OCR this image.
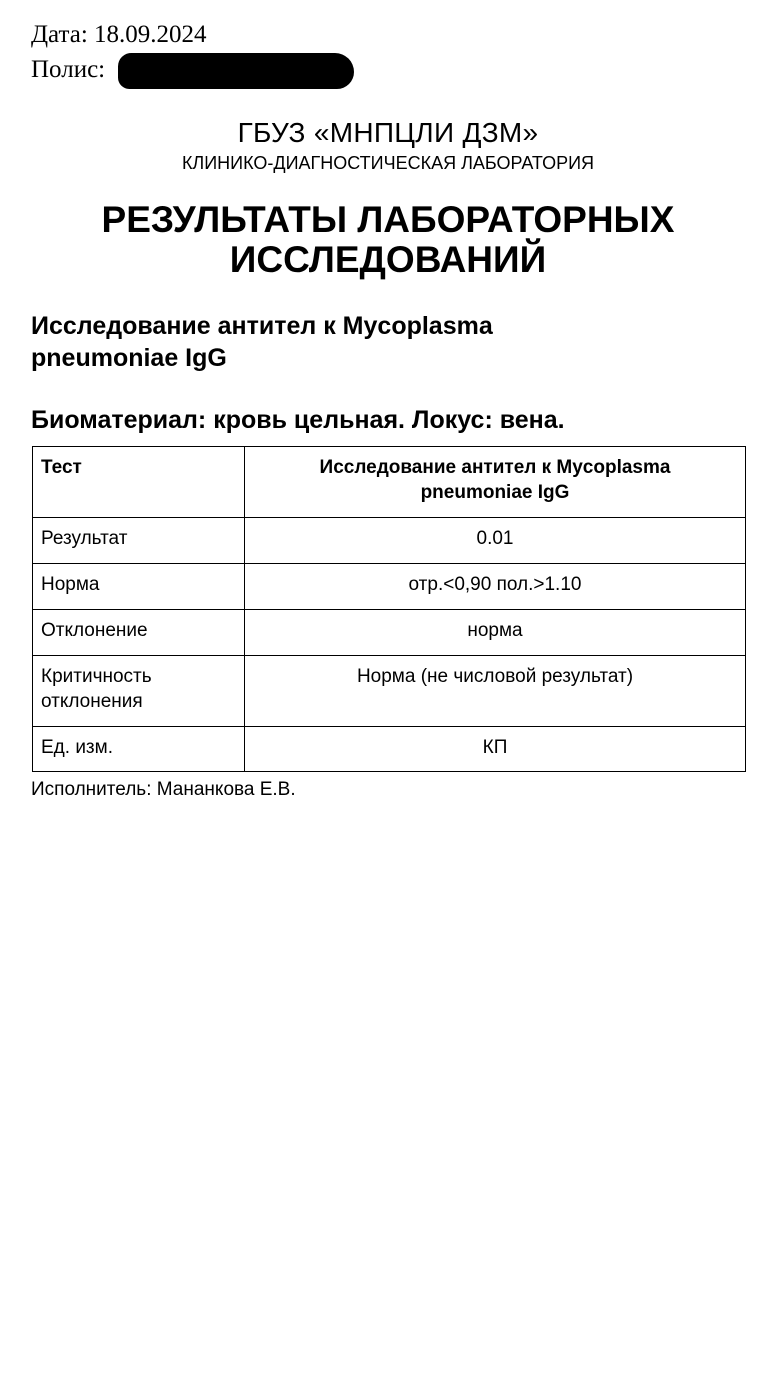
Дата: 18.09.2024
Полис:
ГБУЗ «МНПЦЛИ ДЗМ»
КЛИНИКО-ДИАГНОСТИЧЕСКАЯ ЛАБОРАТОРИЯ
РЕЗУЛЬТАТЫ ЛАБОРАТОРНЫХ
ИССЛЕДОВАНИЙ
Исследование антител к Mycoplasma
pneumoniae IgG
Биоматериал: кровь цельная. Локус: вена.
Тест	Исследование антител к Mycoplasma
pneumoniae IgG

Результат	0.01
Норма	отр.<0,90 пол.>1.10
Отклонение	норма

Критичность
отклонения	Норма (не числовой результат)
Ед. изм.	КП
Исполнитель: Мананкова Е.В.
